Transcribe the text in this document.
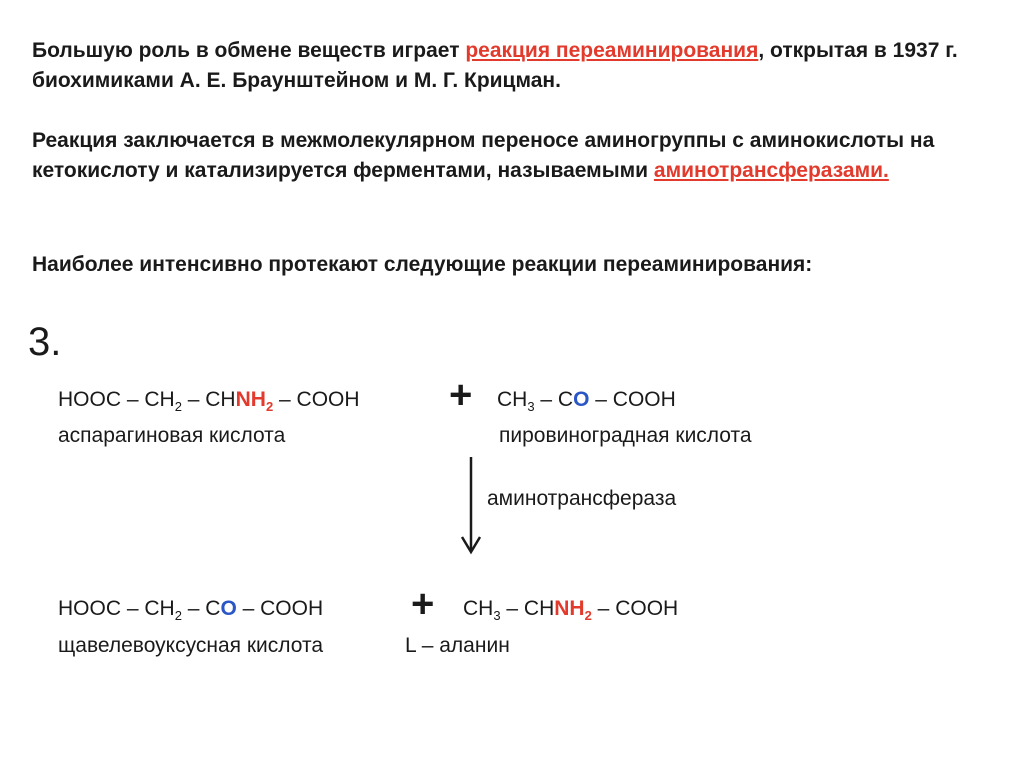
Большую роль в обмене веществ играет реакция переаминирования, открытая в 1937 г. биохимиками А. Е. Браунштейном и М. Г. Крицман.

Реакция заключается в межмолекулярном переносе аминогруппы с аминокислоты на кетокислоту и катализируется ферментами, называемыми аминотрансферазами.

Наиболее интенсивно протекают следующие реакции переаминирования:

3.
HOOC – $CH_2$ – $CHNH_2$ – COOH + $CH_3$ – CO – COOH
аспарагиновая кислота	пировиноградная кислота
аминотрансфераза
HOOC – $CH_2$ – CO – COOH + $CH_3$ – $CHNH_2$ – COOH
щавелевоуксусная кислота	L – аланин
